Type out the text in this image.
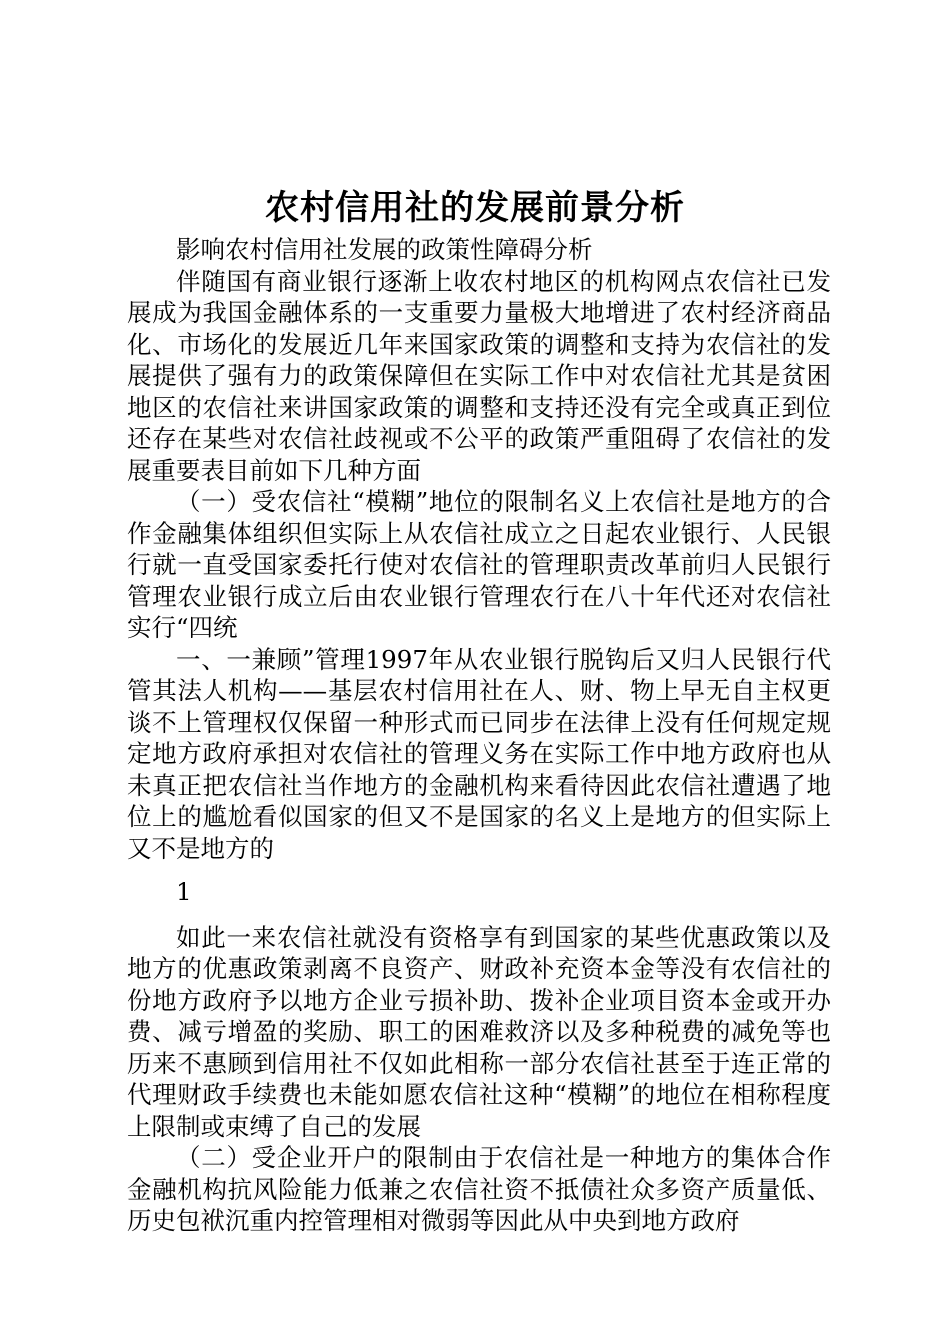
农村信用社的发展前景分析

影响农村信用社发展的政策性障碍分析

伴随国有商业银行逐渐上收农村地区的机构网点农信社已发展成为我国金融体系的一支重要力量极大地增进了农村经济商品化、市场化的发展近几年来国家政策的调整和支持为农信社的发展提供了强有力的政策保障但在实际工作中对农信社尤其是贫困地区的农信社来讲国家政策的调整和支持还没有完全或真正到位还存在某些对农信社歧视或不公平的政策严重阻碍了农信社的发展重要表目前如下几种方面

（一）受农信社“模糊”地位的限制名义上农信社是地方的合作金融集体组织但实际上从农信社成立之日起农业银行、人民银行就一直受国家委托行使对农信社的管理职责改革前归人民银行管理农业银行成立后由农业银行管理农行在八十年代还对农信社实行“四统

一、一兼顾”管理1997年从农业银行脱钩后又归人民银行代管其法人机构——基层农村信用社在人、财、物上早无自主权更谈不上管理权仅保留一种形式而已同步在法律上没有任何规定规定地方政府承担对农信社的管理义务在实际工作中地方政府也从未真正把农信社当作地方的金融机构来看待因此农信社遭遇了地位上的尴尬看似国家的但又不是国家的名义上是地方的但实际上又不是地方的

1

如此一来农信社就没有资格享有到国家的某些优惠政策以及地方的优惠政策剥离不良资产、财政补充资本金等没有农信社的份地方政府予以地方企业亏损补助、拨补企业项目资本金或开办费、减亏增盈的奖励、职工的困难救济以及多种税费的减免等也历来不惠顾到信用社不仅如此相称一部分农信社甚至于连正常的代理财政手续费也未能如愿农信社这种“模糊”的地位在相称程度上限制或束缚了自己的发展

（二）受企业开户的限制由于农信社是一种地方的集体合作金融机构抗风险能力低兼之农信社资不抵债社众多资产质量低、历史包袱沉重内控管理相对微弱等因此从中央到地方政府
